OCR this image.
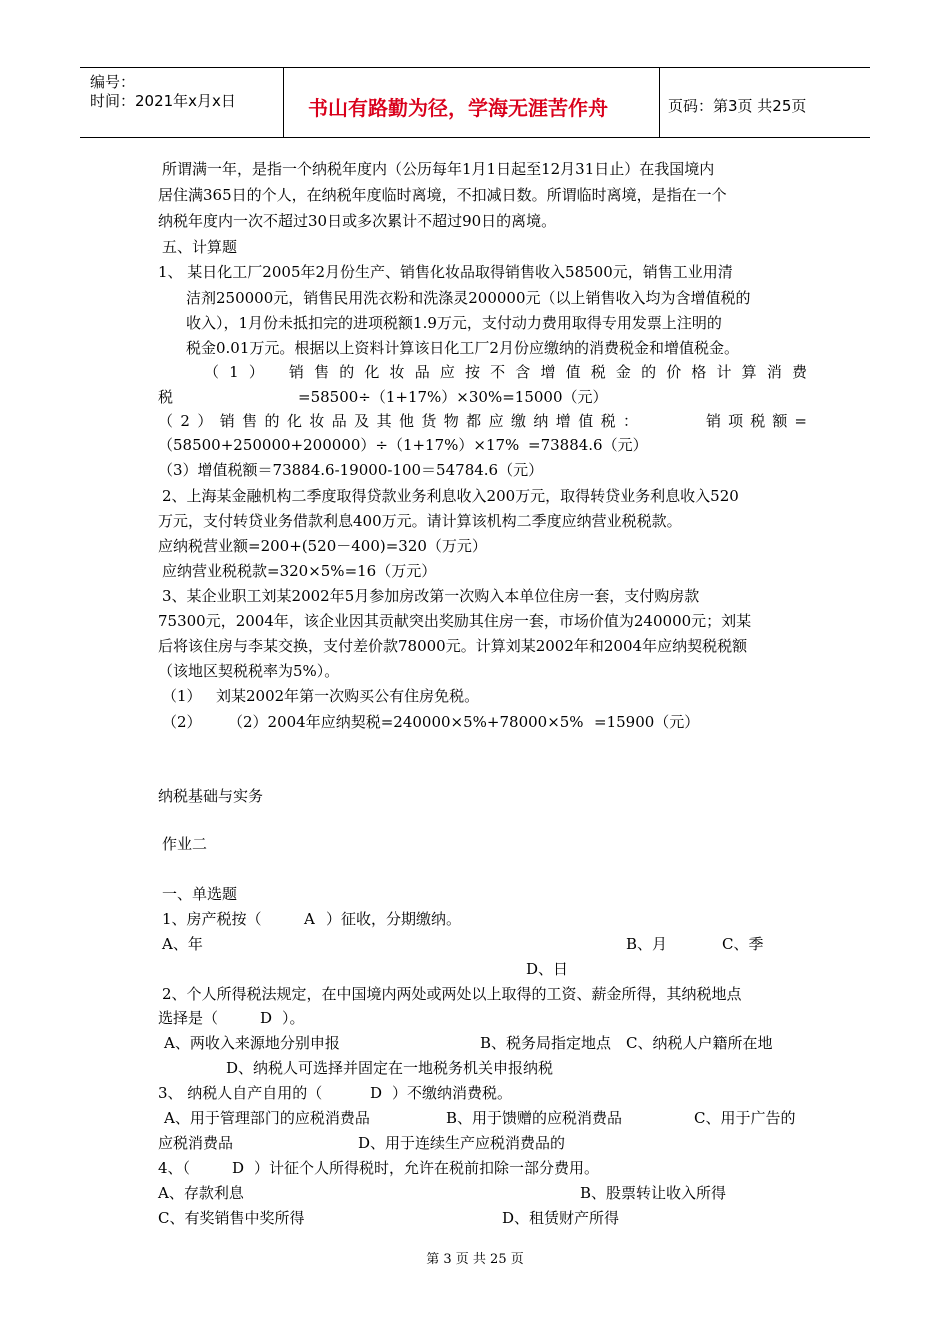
编号：
时间：2021年x月x日	书山有路勤为径，学海无涯苦作舟	页码：第3页 共25页
所谓满一年，是指一个纳税年度内（公历每年1月1日起至12月31日止）在我国境内
居住满365日的个人，在纳税年度临时离境，不扣减日数。所谓临时离境，是指在一个
纳税年度内一次不超过30日或多次累计不超过90日的离境。
五、计算题
1、 某日化工厂2005年2月份生产、销售化妆品取得销售收入58500元，销售工业用清
洁剂250000元，销售民用洗衣粉和洗涤灵200000元（以上销售收入均为含增值税的
收入），1月份未抵扣完的进项税额1.9万元，支付动力费用取得专用发票上注明的
税金0.01万元。根据以上资料计算该日化工厂2月份应缴纳的消费税金和增值税金。
（1） 销售的化妆品应按不含增值税金的价格计算消费
税	=58500÷（1+17%）×30%=15000（元）
（2）销售的化妆品及其他货物都应缴纳增值税：	销项税额=
（58500+250000+200000）÷（1+17%）×17% =73884.6（元）
（3）增值税额＝73884.6-19000-100＝54784.6（元）
2、上海某金融机构二季度取得贷款业务利息收入200万元，取得转贷业务利息收入520
万元，支付转贷业务借款利息400万元。请计算该机构二季度应纳营业税税款。
应纳税营业额=200+(520－400)=320（万元）
应纳营业税税款=320×5%=16（万元）
3、某企业职工刘某2002年5月参加房改第一次购入本单位住房一套，支付购房款
75300元，2004年，该企业因其贡献突出奖励其住房一套，市场价值为240000元；刘某
后将该住房与李某交换，支付差价款78000元。计算刘某2002年和2004年应纳契税税额
（该地区契税税率为5%）。
（1） 刘某2002年第一次购买公有住房免税。
（2） （2）2004年应纳契税=240000×5%+78000×5% =15900（元）
纳税基础与实务
作业二
一、单选题
1、房产税按（	A ）征收，分期缴纳。
A、年	B、月	C、季
D、日
2、个人所得税法规定，在中国境内两处或两处以上取得的工资、薪金所得，其纳税地点
选择是（	D ）。
A、两收入来源地分别申报	B、税务局指定地点 C、纳税人户籍所在地
D、纳税人可选择并固定在一地税务机关申报纳税
3、 纳税人自产自用的（	D ）不缴纳消费税。
A、用于管理部门的应税消费品	B、用于馈赠的应税消费品	C、用于广告的
应税消费品	D、用于连续生产应税消费品的
4、（	D ）计征个人所得税时，允许在税前扣除一部分费用。
A、存款利息	B、股票转让收入所得
C、有奖销售中奖所得	D、租赁财产所得
第 3 页 共 25 页
